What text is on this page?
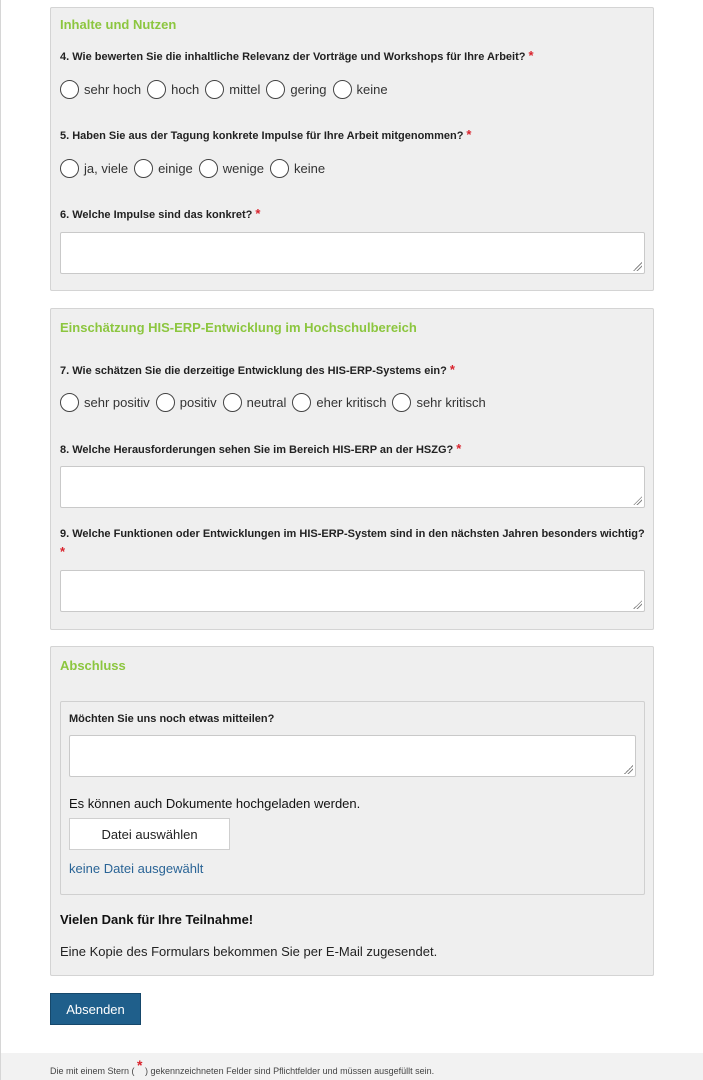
Inhalte und Nutzen
4. Wie bewerten Sie die inhaltliche Relevanz der Vorträge und Workshops für Ihre Arbeit? *
sehr hoch hoch mittel gering keine
5. Haben Sie aus der Tagung konkrete Impulse für Ihre Arbeit mitgenommen? *
ja, viele einige wenige keine
6. Welche Impulse sind das konkret? *
Einschätzung HIS-ERP-Entwicklung im Hochschulbereich
7. Wie schätzen Sie die derzeitige Entwicklung des HIS-ERP-Systems ein? *
sehr positiv positiv neutral eher kritisch sehr kritisch
8. Welche Herausforderungen sehen Sie im Bereich HIS-ERP an der HSZG? *
9. Welche Funktionen oder Entwicklungen im HIS-ERP-System sind in den nächsten Jahren besonders wichtig?
*
Abschluss
Möchten Sie uns noch etwas mitteilen?
Es können auch Dokumente hochgeladen werden.
Datei auswählen
keine Datei ausgewählt
Vielen Dank für Ihre Teilnahme!
Eine Kopie des Formulars bekommen Sie per E-Mail zugesendet.
Absenden
Die mit einem Stern ( * ) gekennzeichneten Felder sind Pflichtfelder und müssen ausgefüllt sein.
